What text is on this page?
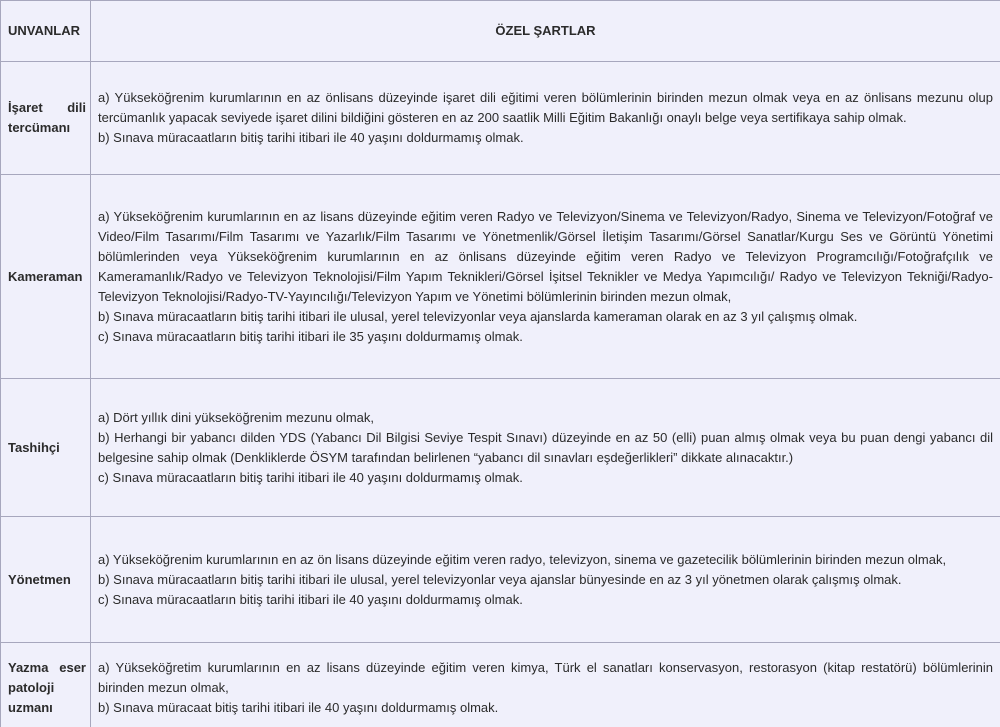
UNVANLAR	ÖZEL ŞARTLAR
İşaret dili tercümanı	a) Yükseköğrenim kurumlarının en az önlisans düzeyinde işaret dili eğitimi veren bölümlerinin birinden mezun olmak veya en az önlisans mezunu olup tercümanlık yapacak seviyede işaret dilini bildiğini gösteren en az 200 saatlik Milli Eğitim Bakanlığı onaylı belge veya sertifikaya sahip olmak.
b) Sınava müracaatların bitiş tarihi itibari ile 40 yaşını doldurmamış olmak.

Kameraman	a) Yükseköğrenim kurumlarının en az lisans düzeyinde eğitim veren Radyo ve Televizyon/Sinema ve Televizyon/Radyo, Sinema ve Televizyon/Fotoğraf ve Video/Film Tasarımı/Film Tasarımı ve Yazarlık/Film Tasarımı ve Yönetmenlik/Görsel İletişim Tasarımı/Görsel Sanatlar/Kurgu Ses ve Görüntü Yönetimi bölümlerinden veya Yükseköğrenim kurumlarının en az önlisans düzeyinde eğitim veren Radyo ve Televizyon Programcılığı/Fotoğrafçılık ve Kameramanlık/Radyo ve Televizyon Teknolojisi/Film Yapım Teknikleri/Görsel İşitsel Teknikler ve Medya Yapımcılığı/ Radyo ve Televizyon Tekniği/Radyo- Televizyon Teknolojisi/Radyo-TV-Yayıncılığı/Televizyon Yapım ve Yönetimi bölümlerinin birinden mezun olmak,
b) Sınava müracaatların bitiş tarihi itibari ile ulusal, yerel televizyonlar veya ajanslarda kameraman olarak en az 3 yıl çalışmış olmak.
c) Sınava müracaatların bitiş tarihi itibari ile 35 yaşını doldurmamış olmak.

Tashihçi	a) Dört yıllık dini yükseköğrenim mezunu olmak,
b) Herhangi bir yabancı dilden YDS (Yabancı Dil Bilgisi Seviye Tespit Sınavı) düzeyinde en az 50 (elli) puan almış olmak veya bu puan dengi yabancı dil belgesine sahip olmak (Denkliklerde ÖSYM tarafından belirlenen “yabancı dil sınavları eşdeğerlikleri” dikkate alınacaktır.)
c) Sınava müracaatların bitiş tarihi itibari ile 40 yaşını doldurmamış olmak.

Yönetmen	a) Yükseköğrenim kurumlarının en az ön lisans düzeyinde eğitim veren radyo, televizyon, sinema ve gazetecilik bölümlerinin birinden mezun olmak,
b) Sınava müracaatların bitiş tarihi itibari ile ulusal, yerel televizyonlar veya ajanslar bünyesinde en az 3 yıl yönetmen olarak çalışmış olmak.
c) Sınava müracaatların bitiş tarihi itibari ile 40 yaşını doldurmamış olmak.

Yazma eser patoloji uzmanı	a) Yükseköğretim kurumlarının en az lisans düzeyinde eğitim veren kimya, Türk el sanatları konservasyon, restorasyon (kitap restatörü) bölümlerinin birinden mezun olmak,
b) Sınava müracaat bitiş tarihi itibari ile 40 yaşını doldurmamış olmak.
